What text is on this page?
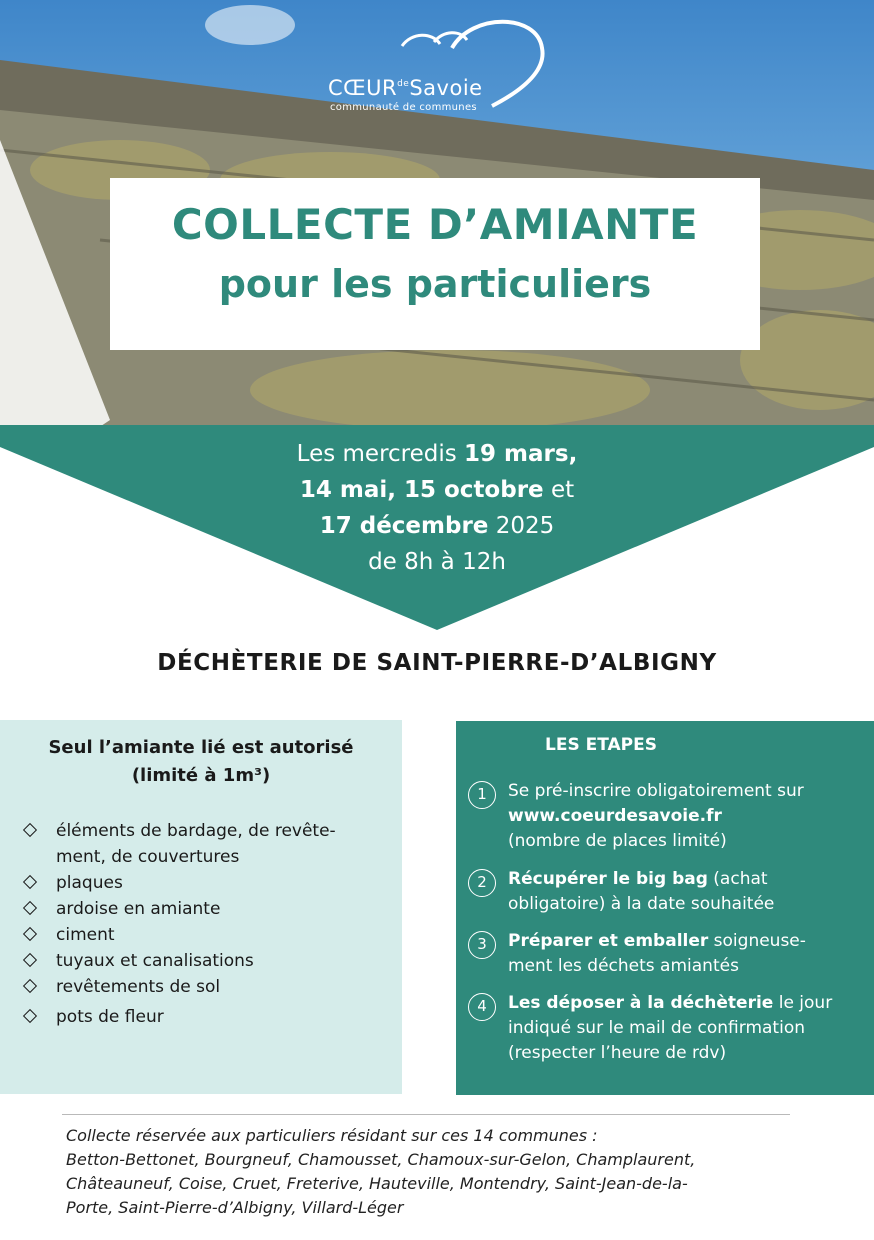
$CŒUR^{de}Savoie$
communauté de communes
COLLECTE D’AMIANTE
pour les particuliers
Les mercredis 19 mars,
14 mai, 15 octobre et
17 décembre 2025
de 8h à 12h
DÉCHÈTERIE DE SAINT-PIERRE-D’ALBIGNY
Seul l’amiante lié est autorisé
(limité à 1m³)
éléments de bardage, de revête-
ment, de couvertures
plaques
ardoise en amiante
ciment
tuyaux et canalisations
revêtements de sol
pots de fleur
LES ETAPES
1	Se pré-inscrire obligatoirement sur
www.coeurdesavoie.fr
(nombre de places limité)
2	Récupérer le big bag (achat
obligatoire) à la date souhaitée
3	Préparer et emballer soigneuse-
ment les déchets amiantés
4	Les déposer à la déchèterie le jour
indiqué sur le mail de confirmation
(respecter l’heure de rdv)
Collecte réservée aux particuliers résidant sur ces 14 communes :
Betton-Bettonet, Bourgneuf, Chamousset, Chamoux-sur-Gelon, Champlaurent,
Châteauneuf, Coise, Cruet, Freterive, Hauteville, Montendry, Saint-Jean-de-la-
Porte, Saint-Pierre-d’Albigny, Villard-Léger
